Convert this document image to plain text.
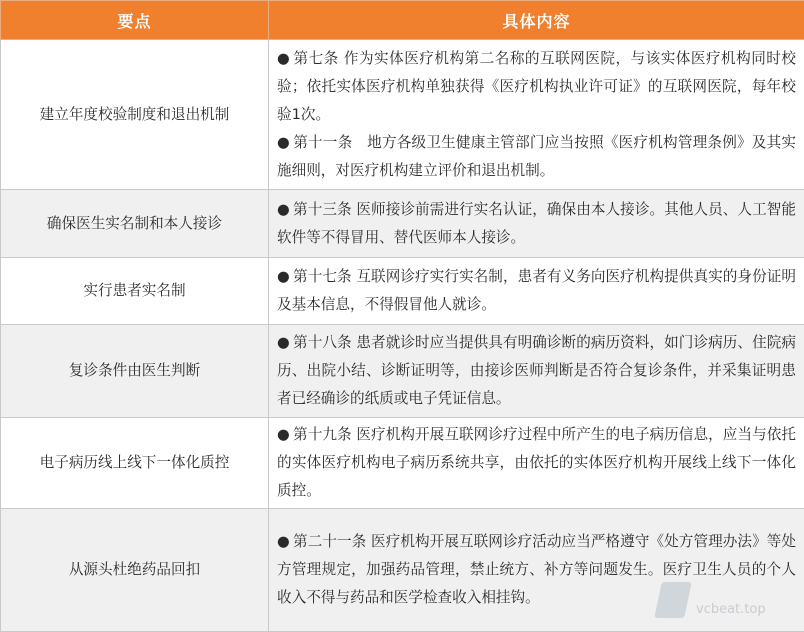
要点	具体内容
建立年度校验制度和退出机制	● 第七条 作为实体医疗机构第二名称的互联网医院，与该实体医疗机构同时校验；依托实体医疗机构单独获得《医疗机构执业许可证》的互联网医院，每年校验1次。
● 第十一条　地方各级卫生健康主管部门应当按照《医疗机构管理条例》及其实施细则，对医疗机构建立评价和退出机制。

确保医生实名制和本人接诊	● 第十三条 医师接诊前需进行实名认证，确保由本人接诊。其他人员、人工智能软件等不得冒用、替代医师本人接诊。

实行患者实名制	● 第十七条 互联网诊疗实行实名制，患者有义务向医疗机构提供真实的身份证明及基本信息，不得假冒他人就诊。

复诊条件由医生判断	● 第十八条 患者就诊时应当提供具有明确诊断的病历资料，如门诊病历、住院病历、出院小结、诊断证明等，由接诊医师判断是否符合复诊条件，并采集证明患者已经确诊的纸质或电子凭证信息。

电子病历线上线下一体化质控	● 第十九条 医疗机构开展互联网诊疗过程中所产生的电子病历信息，应当与依托的实体医疗机构电子病历系统共享，由依托的实体医疗机构开展线上线下一体化质控。

从源头杜绝药品回扣	● 第二十一条 医疗机构开展互联网诊疗活动应当严格遵守《处方管理办法》等处方管理规定，加强药品管理，禁止统方、补方等问题发生。医疗卫生人员的个人收入不得与药品和医学检查收入相挂钩。
vcbeat.top
